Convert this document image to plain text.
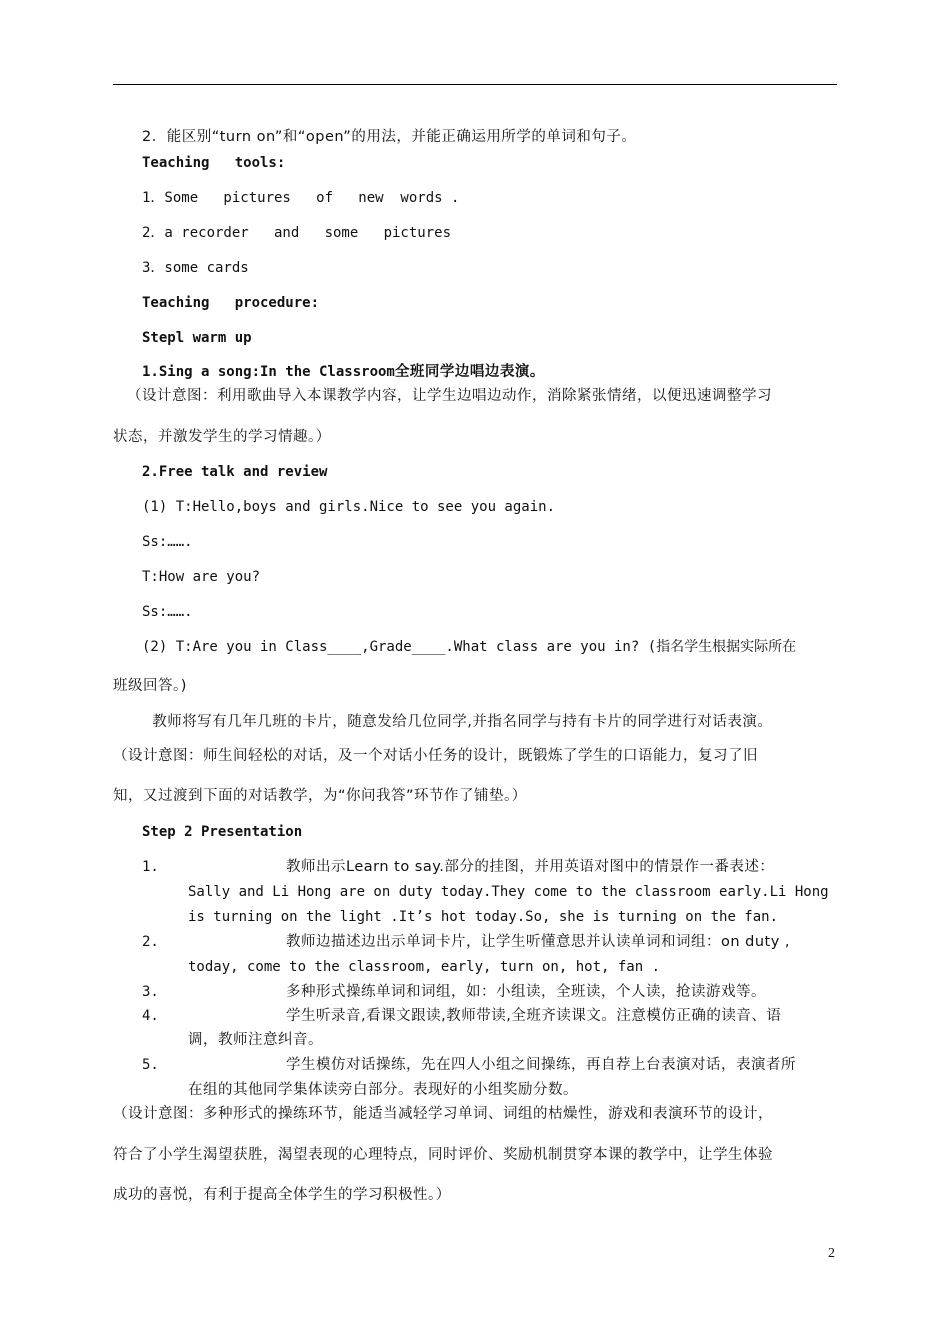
2．能区别“turn on”和“open”的用法，并能正确运用所学的单词和句子。
Teaching   tools:
1．Some   pictures   of   new  words .
2．a recorder   and   some   pictures
3．some cards
Teaching   procedure:
Stepl warm up
1.Sing a song:In the Classroom全班同学边唱边表演。
（设计意图：利用歌曲导入本课教学内容，让学生边唱边动作，消除紧张情绪，以便迅速调整学习
状态，并激发学生的学习情趣。）
2.Free talk and review
(1) T:Hello,boys and girls.Nice to see you again.
Ss:…….
T:How are you?
Ss:…….
(2) T:Are you in Class____,Grade____.What class are you in? (指名学生根据实际所在
班级回答。)
教师将写有几年几班的卡片，随意发给几位同学,并指名同学与持有卡片的同学进行对话表演。
（设计意图：师生间轻松的对话，及一个对话小任务的设计，既锻炼了学生的口语能力，复习了旧
知，又过渡到下面的对话教学，为“你问我答”环节作了铺垫。）
Step 2 Presentation
1.	教师出示Learn to say.部分的挂图，并用英语对图中的情景作一番表述：
Sally and Li Hong are on duty today.They come to the classroom early.Li Hong
is turning on the light .It’s hot today.So, she is turning on the fan.
2.	教师边描述边出示单词卡片，让学生听懂意思并认读单词和词组：on duty ,
today, come to the classroom, early, turn on, hot, fan .
3.	多种形式操练单词和词组，如：小组读，全班读，个人读，抢读游戏等。
4.	学生听录音,看课文跟读,教师带读,全班齐读课文。注意模仿正确的读音、语
调，教师注意纠音。
5.	学生模仿对话操练，先在四人小组之间操练，再自荐上台表演对话，表演者所
在组的其他同学集体读旁白部分。表现好的小组奖励分数。
（设计意图：多种形式的操练环节，能适当减轻学习单词、词组的枯燥性，游戏和表演环节的设计，
符合了小学生渴望获胜，渴望表现的心理特点，同时评价、奖励机制贯穿本课的教学中，让学生体验
成功的喜悦，有利于提高全体学生的学习积极性。）
2
